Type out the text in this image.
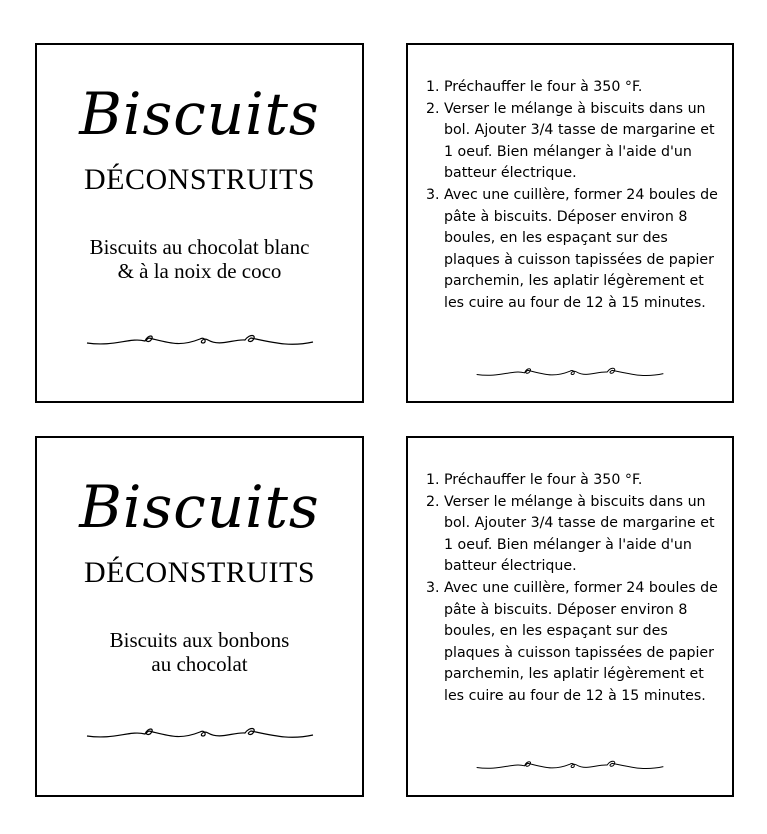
Biscuits
DÉCONSTRUITS
Biscuits au chocolat blanc
& à la noix de coco
1. Préchauffer le four à 350 °F.
2. Verser le mélange à biscuits dans un bol. Ajouter 3/4 tasse de margarine et 1 oeuf. Bien mélanger à l'aide d'un batteur électrique.
3. Avec une cuillère, former 24 boules de pâte à biscuits. Déposer environ 8 boules, en les espaçant sur des plaques à cuisson tapissées de papier parchemin, les aplatir légèrement et les cuire au four de 12 à 15 minutes.
Biscuits
DÉCONSTRUITS
Biscuits aux bonbons
au chocolat
1. Préchauffer le four à 350 °F.
2. Verser le mélange à biscuits dans un bol. Ajouter 3/4 tasse de margarine et 1 oeuf. Bien mélanger à l'aide d'un batteur électrique.
3. Avec une cuillère, former 24 boules de pâte à biscuits. Déposer environ 8 boules, en les espaçant sur des plaques à cuisson tapissées de papier parchemin, les aplatir légèrement et les cuire au four de 12 à 15 minutes.
